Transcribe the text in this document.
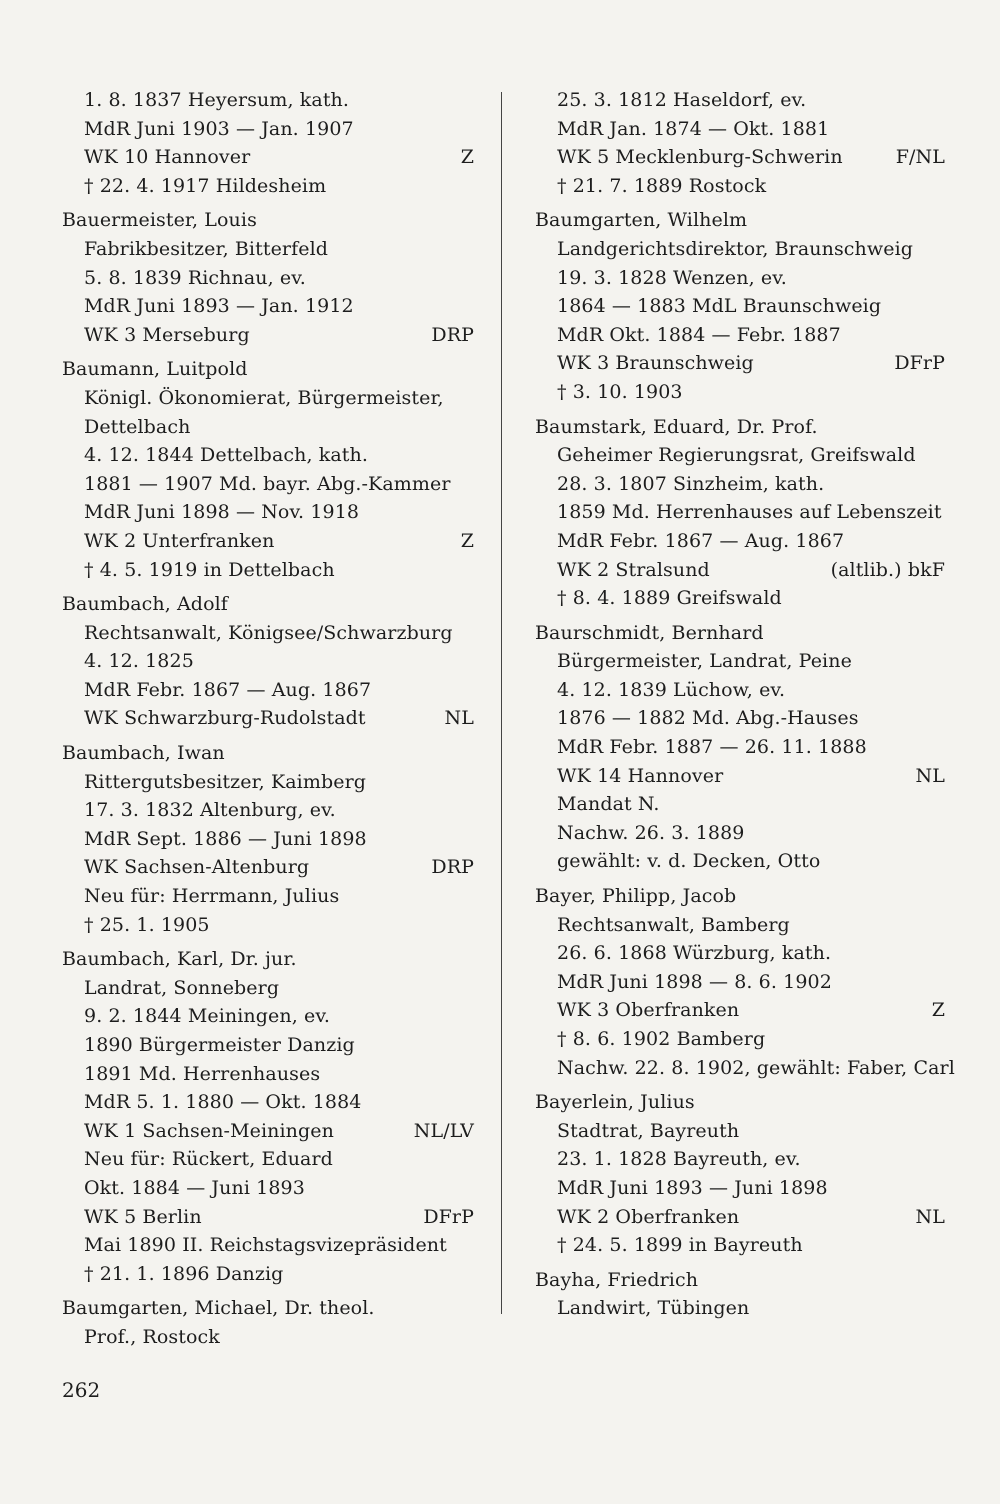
1. 8. 1837 Heyersum, kath.
MdR Juni 1903 — Jan. 1907
WK 10 Hannover	Z
† 22. 4. 1917 Hildesheim
Bauermeister, Louis
Fabrikbesitzer, Bitterfeld
5. 8. 1839 Richnau, ev.
MdR Juni 1893 — Jan. 1912
WK 3 Merseburg	DRP
Baumann, Luitpold
Königl. Ökonomierat, Bürgermeister,
Dettelbach
4. 12. 1844 Dettelbach, kath.
1881 — 1907 Md. bayr. Abg.-Kammer
MdR Juni 1898 — Nov. 1918
WK 2 Unterfranken	Z
† 4. 5. 1919 in Dettelbach
Baumbach, Adolf
Rechtsanwalt, Königsee/Schwarzburg
4. 12. 1825
MdR Febr. 1867 — Aug. 1867
WK Schwarzburg-Rudolstadt	NL
Baumbach, Iwan
Rittergutsbesitzer, Kaimberg
17. 3. 1832 Altenburg, ev.
MdR Sept. 1886 — Juni 1898
WK Sachsen-Altenburg	DRP
Neu für: Herrmann, Julius
† 25. 1. 1905
Baumbach, Karl, Dr. jur.
Landrat, Sonneberg
9. 2. 1844 Meiningen, ev.
1890 Bürgermeister Danzig
1891 Md. Herrenhauses
MdR 5. 1. 1880 — Okt. 1884
WK 1 Sachsen-Meiningen	NL/LV
Neu für: Rückert, Eduard
Okt. 1884 — Juni 1893
WK 5 Berlin	DFrP
Mai 1890 II. Reichstagsvizepräsident
† 21. 1. 1896 Danzig
Baumgarten, Michael, Dr. theol.
Prof., Rostock
25. 3. 1812 Haseldorf, ev.
MdR Jan. 1874 — Okt. 1881
WK 5 Mecklenburg-Schwerin	F/NL
† 21. 7. 1889 Rostock
Baumgarten, Wilhelm
Landgerichtsdirektor, Braunschweig
19. 3. 1828 Wenzen, ev.
1864 — 1883 MdL Braunschweig
MdR Okt. 1884 — Febr. 1887
WK 3 Braunschweig	DFrP
† 3. 10. 1903
Baumstark, Eduard, Dr. Prof.
Geheimer Regierungsrat, Greifswald
28. 3. 1807 Sinzheim, kath.
1859 Md. Herrenhauses auf Lebenszeit
MdR Febr. 1867 — Aug. 1867
WK 2 Stralsund	(altlib.) bkF
† 8. 4. 1889 Greifswald
Baurschmidt, Bernhard
Bürgermeister, Landrat, Peine
4. 12. 1839 Lüchow, ev.
1876 — 1882 Md. Abg.-Hauses
MdR Febr. 1887 — 26. 11. 1888
WK 14 Hannover	NL
Mandat N.
Nachw. 26. 3. 1889
gewählt: v. d. Decken, Otto
Bayer, Philipp, Jacob
Rechtsanwalt, Bamberg
26. 6. 1868 Würzburg, kath.
MdR Juni 1898 — 8. 6. 1902
WK 3 Oberfranken	Z
† 8. 6. 1902 Bamberg
Nachw. 22. 8. 1902, gewählt: Faber, Carl
Bayerlein, Julius
Stadtrat, Bayreuth
23. 1. 1828 Bayreuth, ev.
MdR Juni 1893 — Juni 1898
WK 2 Oberfranken	NL
† 24. 5. 1899 in Bayreuth
Bayha, Friedrich
Landwirt, Tübingen
262
